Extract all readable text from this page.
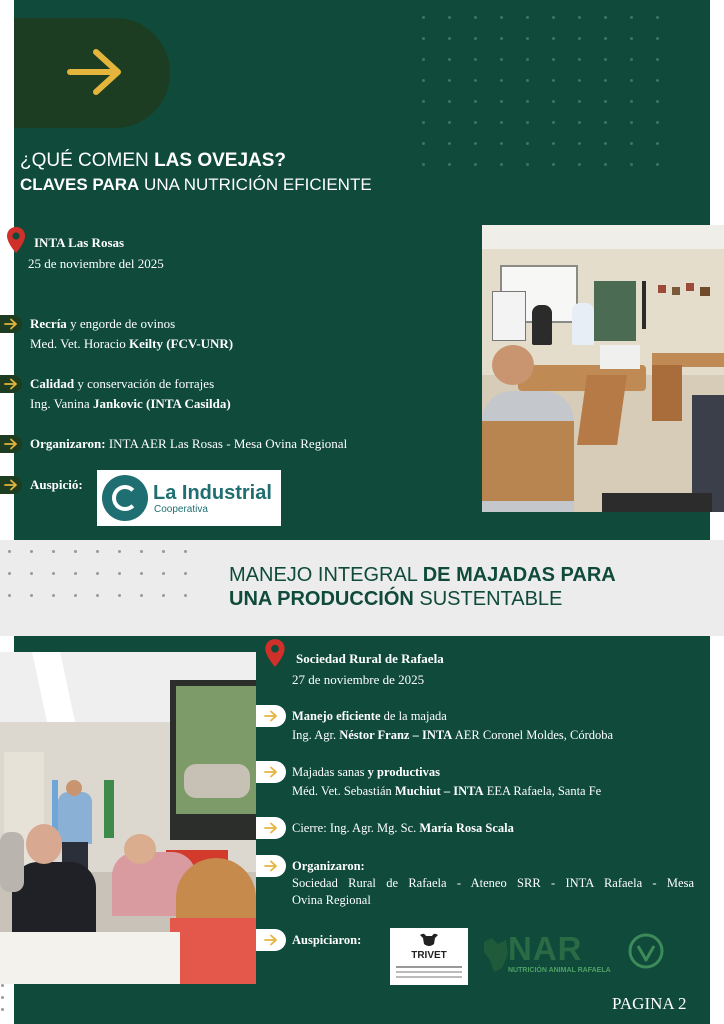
¿QUÉ COMEN LAS OVEJAS?
CLAVES PARA UNA NUTRICIÓN EFICIENTE
INTA Las Rosas
25 de noviembre del 2025
Recría y engorde de ovinos
Med. Vet. Horacio Keilty (FCV-UNR)
Calidad y conservación de forrajes
Ing. Vanina Jankovic (INTA Casilda)
Organizaron: INTA AER Las Rosas - Mesa Ovina Regional
Auspició:	La Industrial
Cooperativa
MANEJO INTEGRAL DE MAJADAS PARA
UNA PRODUCCIÓN SUSTENTABLE
Sociedad Rural de Rafaela
27 de noviembre de 2025
Manejo eficiente de la majada
Ing. Agr. Néstor Franz – INTA AER Coronel Moldes, Córdoba
Majadas sanas y productivas
Méd. Vet. Sebastián Muchiut – INTA EEA Rafaela, Santa Fe
Cierre: Ing. Agr. Mg. Sc. María Rosa Scala
Organizaron:
Sociedad Rural de Rafaela - Ateneo SRR - INTA Rafaela - Mesa
Ovina Regional
Auspiciaron:
TRIVET	NAR
NUTRICIÓN ANIMAL RAFAELA
PAGINA 2
